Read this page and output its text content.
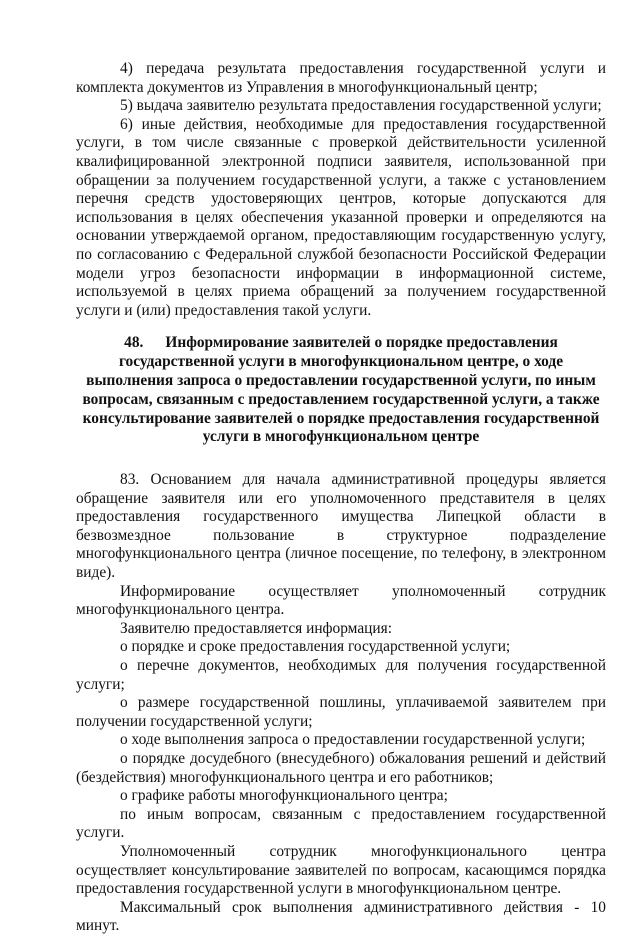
4) передача результата предоставления государственной услуги и комплекта документов из Управления в многофункциональный центр;

5) выдача заявителю результата предоставления государственной услуги;

6) иные действия, необходимые для предоставления государственной услуги, в том числе связанные с проверкой действительности усиленной квалифицированной электронной подписи заявителя, использованной при обращении за получением государственной услуги, а также с установлением перечня средств удостоверяющих центров, которые допускаются для использования в целях обеспечения указанной проверки и определяются на основании утверждаемой органом, предоставляющим государственную услугу, по согласованию с Федеральной службой безопасности Российской Федерации модели угроз безопасности информации в информационной системе, используемой в целях приема обращений за получением государственной услуги и (или) предоставления такой услуги.

48. Информирование заявителей о порядке предоставления государственной услуги в многофункциональном центре, о ходе выполнения запроса о предоставлении государственной услуги, по иным вопросам, связанным с предоставлением государственной услуги, а также консультирование заявителей о порядке предоставления государственной услуги в многофункциональном центре

83. Основанием для начала административной процедуры является обращение заявителя или его уполномоченного представителя в целях предоставления государственного имущества Липецкой области в безвозмездное пользование в структурное подразделение многофункционального центра (личное посещение, по телефону, в электронном виде).

Информирование осуществляет уполномоченный сотрудник многофункционального центра.

Заявителю предоставляется информация:

о порядке и сроке предоставления государственной услуги;

о перечне документов, необходимых для получения государственной услуги;

о размере государственной пошлины, уплачиваемой заявителем при получении государственной услуги;

о ходе выполнения запроса о предоставлении государственной услуги;

о порядке досудебного (внесудебного) обжалования решений и действий (бездействия) многофункционального центра и его работников;

о графике работы многофункционального центра;

по иным вопросам, связанным с предоставлением государственной услуги.

Уполномоченный сотрудник многофункционального центра осуществляет консультирование заявителей по вопросам, касающимся порядка предоставления государственной услуги в многофункциональном центре.

Максимальный срок выполнения административного действия - 10 минут.
